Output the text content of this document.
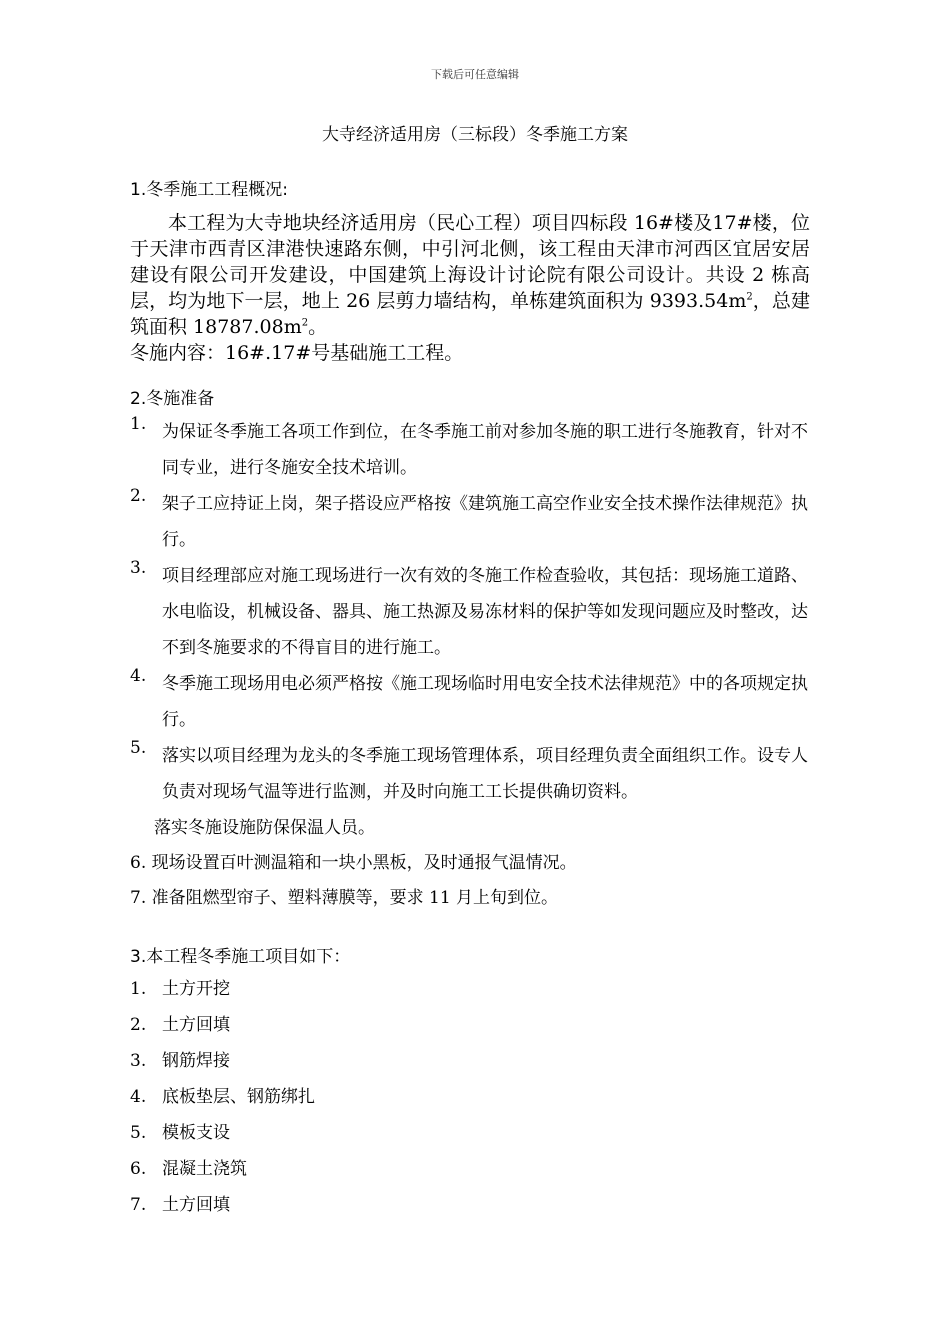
下载后可任意编辑
大寺经济适用房（三标段）冬季施工方案
1.冬季施工工程概况:

本工程为大寺地块经济适用房（民心工程）项目四标段 16#楼及17#楼，位于天津市西青区津港快速路东侧，中引河北侧，该工程由天津市河西区宜居安居建设有限公司开发建设，中国建筑上海设计讨论院有限公司设计。共设 2 栋高层，均为地下一层，地上 26 层剪力墙结构，单栋建筑面积为 $9393.54m^2$，总建筑面积 $18787.08m^2$。

冬施内容：16#.17#号基础施工工程。

2.冬施准备
1. 为保证冬季施工各项工作到位，在冬季施工前对参加冬施的职工进行冬施教育，针对不同专业，进行冬施安全技术培训。
2. 架子工应持证上岗，架子搭设应严格按《建筑施工高空作业安全技术操作法律规范》执行。
3. 项目经理部应对施工现场进行一次有效的冬施工作检查验收，其包括：现场施工道路、水电临设，机械设备、器具、施工热源及易冻材料的保护等如发现问题应及时整改，达不到冬施要求的不得盲目的进行施工。
4. 冬季施工现场用电必须严格按《施工现场临时用电安全技术法律规范》中的各项规定执行。
5. 落实以项目经理为龙头的冬季施工现场管理体系，项目经理负责全面组织工作。设专人负责对现场气温等进行监测，并及时向施工工长提供确切资料。
落实冬施设施防保保温人员。
6. 现场设置百叶测温箱和一块小黑板，及时通报气温情况。
7. 准备阻燃型帘子、塑料薄膜等，要求 11 月上旬到位。
3.本工程冬季施工项目如下：
1. 土方开挖
2. 土方回填
3. 钢筋焊接
4. 底板垫层、钢筋绑扎
5. 模板支设
6. 混凝土浇筑
7. 土方回填
